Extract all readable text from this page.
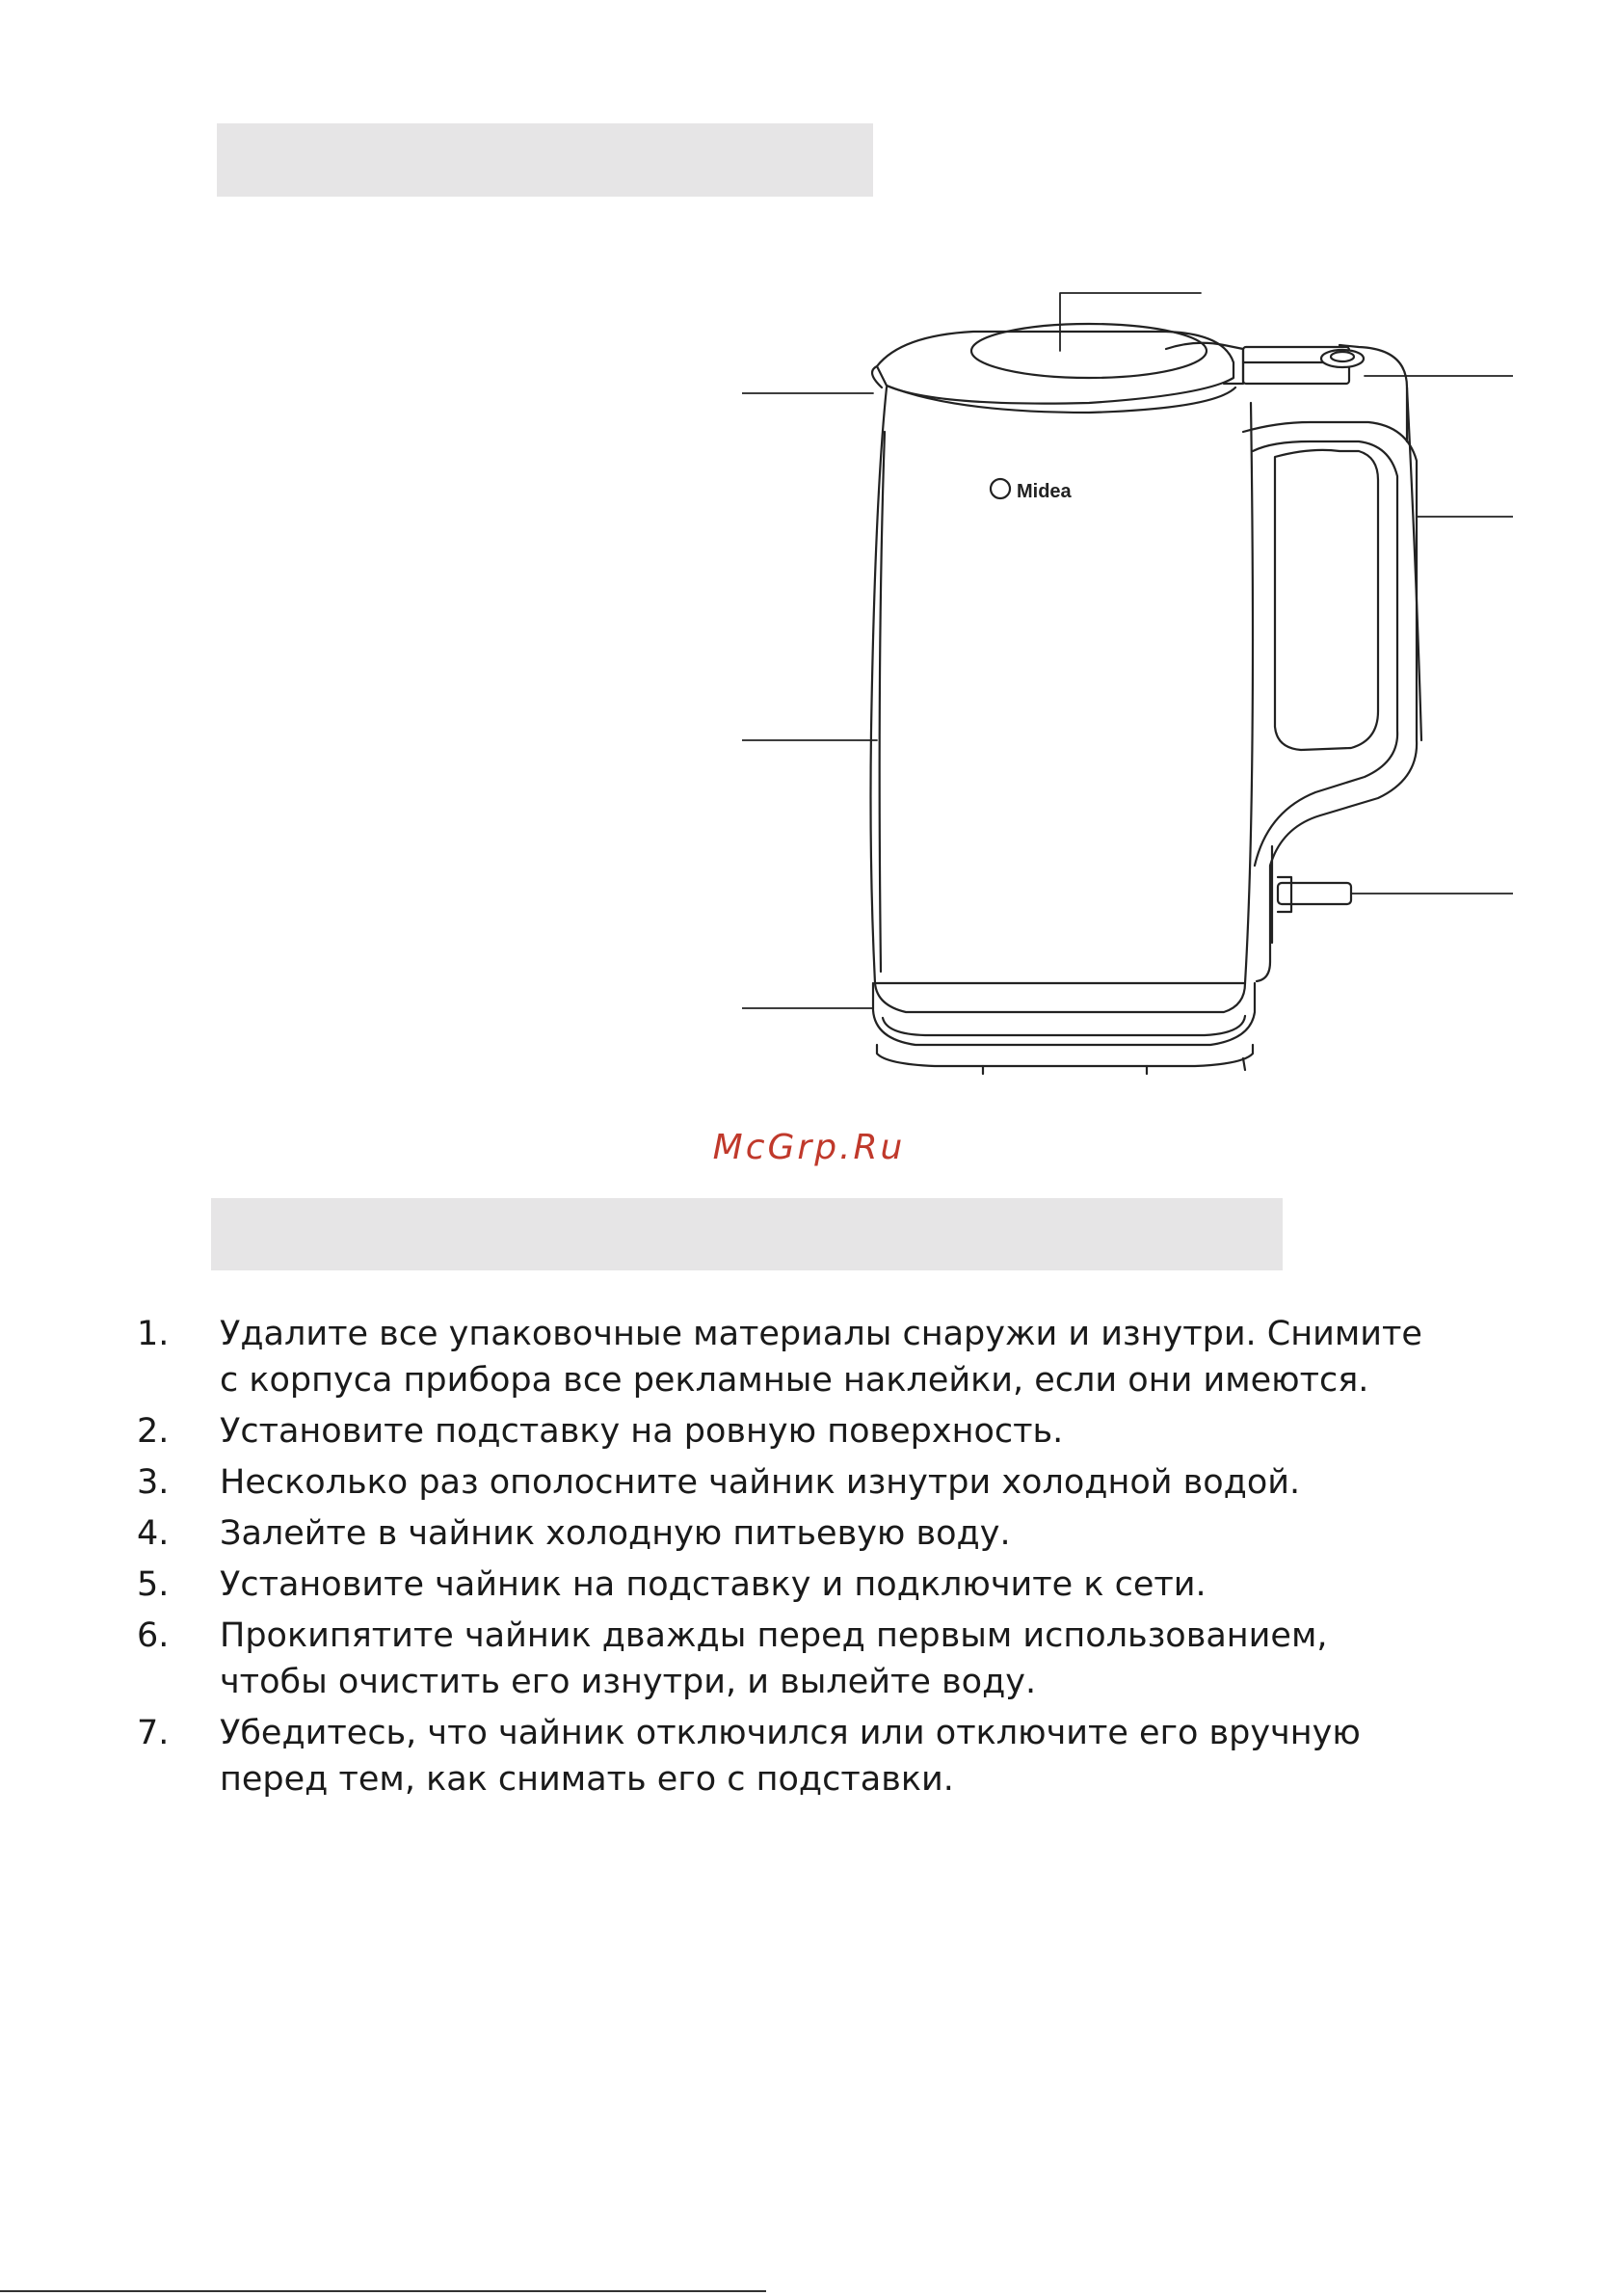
Midea
McGrp.Ru
1. Удалите все упаковочные материалы снаружи и изнутри. Снимите
с корпуса прибора все рекламные наклейки, если они имеются.
2. Установите подставку на ровную поверхность.
3. Несколько раз ополосните чайник изнутри холодной водой.
4. Залейте в чайник холодную питьевую воду.
5. Установите чайник на подставку и подключите к сети.
6. Прокипятите чайник дважды перед первым использованием,
чтобы очистить его изнутри, и вылейте воду.
7. Убедитесь, что чайник отключился или отключите его вручную
перед тем, как снимать его с подставки.
